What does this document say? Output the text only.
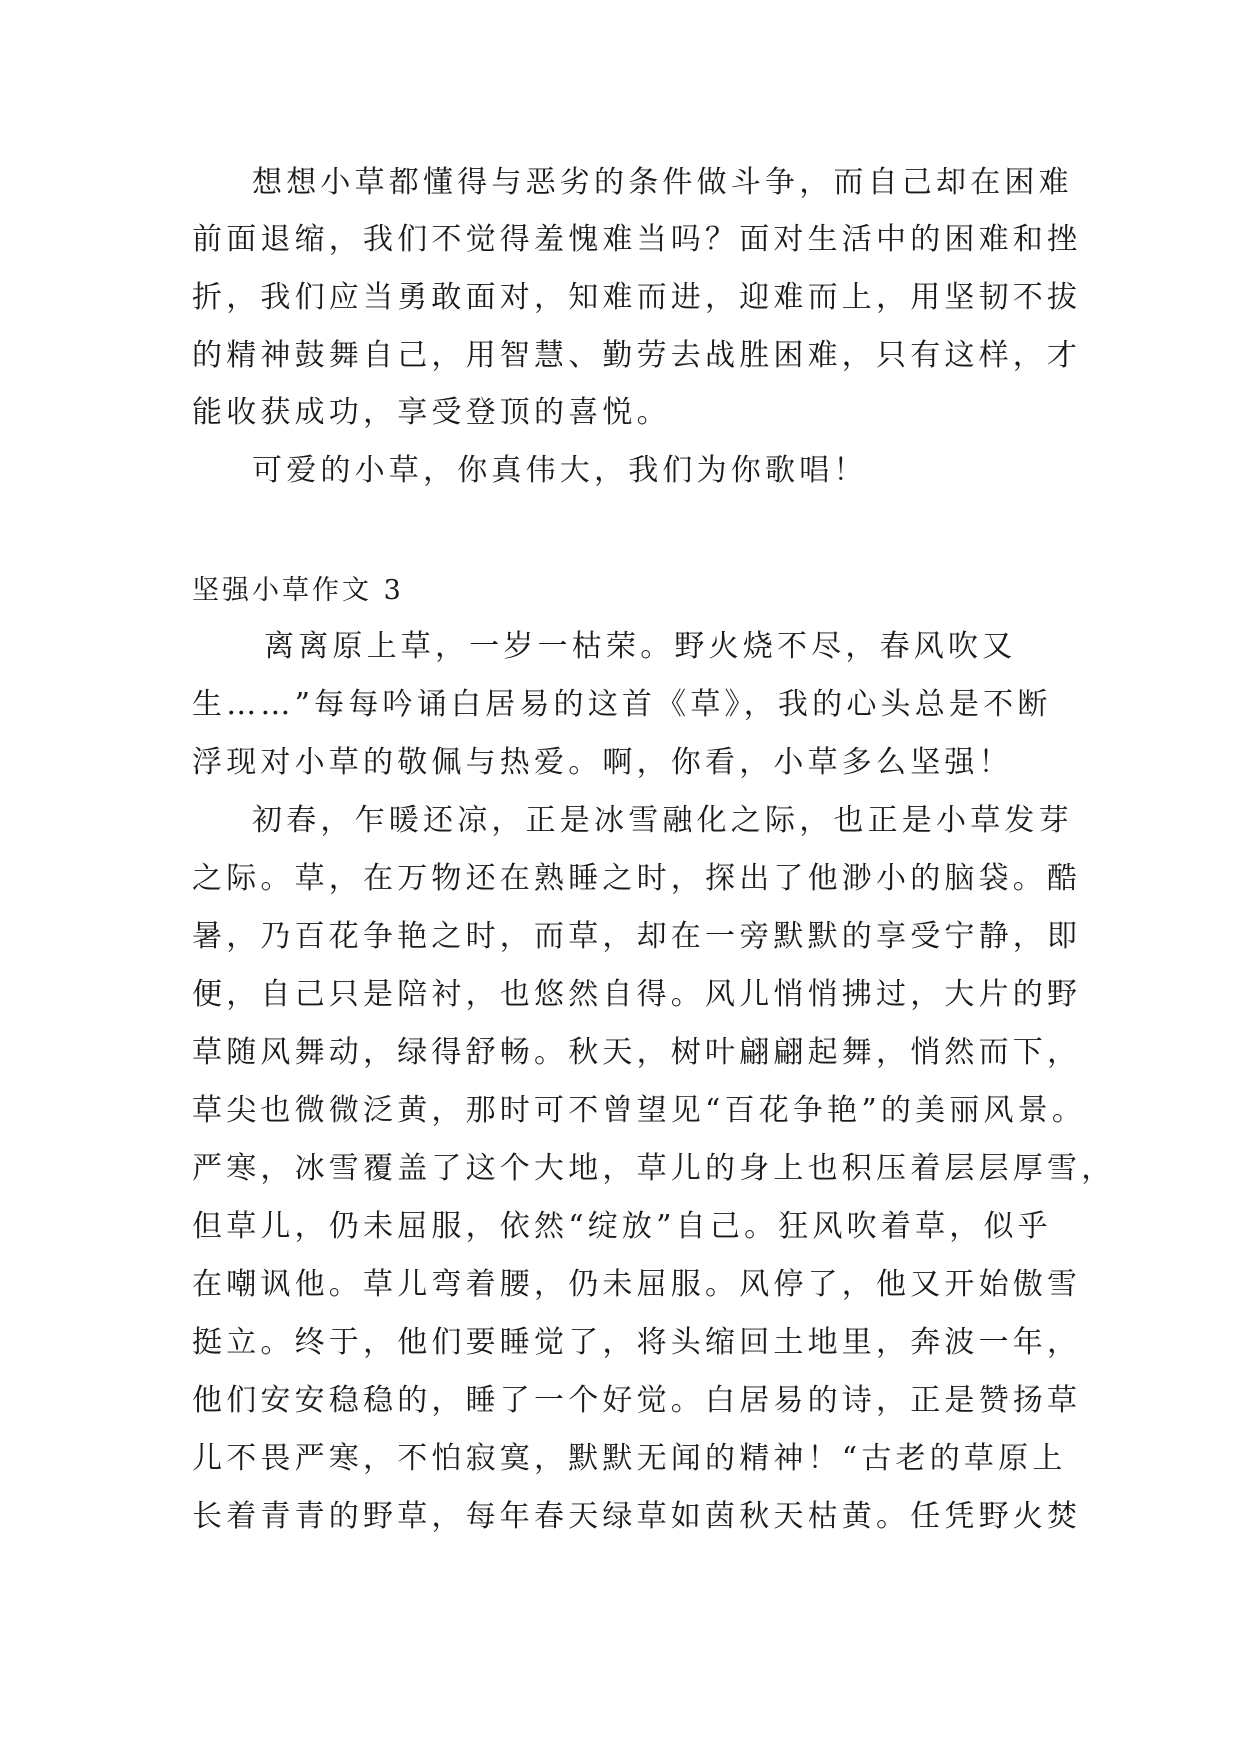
想想小草都懂得与恶劣的条件做斗争，而自己却在困难
前面退缩，我们不觉得羞愧难当吗？面对生活中的困难和挫
折，我们应当勇敢面对，知难而进，迎难而上，用坚韧不拔
的精神鼓舞自己，用智慧、勤劳去战胜困难，只有这样，才
能收获成功，享受登顶的喜悦。
可爱的小草，你真伟大，我们为你歌唱！
坚强小草作文 3
离离原上草，一岁一枯荣。野火烧不尽，春风吹又
生……”每每吟诵白居易的这首《草》，我的心头总是不断
浮现对小草的敬佩与热爱。啊，你看，小草多么坚强！
初春，乍暖还凉，正是冰雪融化之际，也正是小草发芽
之际。草，在万物还在熟睡之时，探出了他渺小的脑袋。酷
暑，乃百花争艳之时，而草，却在一旁默默的享受宁静，即
便，自己只是陪衬，也悠然自得。风儿悄悄拂过，大片的野
草随风舞动，绿得舒畅。秋天，树叶翩翩起舞，悄然而下，
草尖也微微泛黄，那时可不曾望见“百花争艳”的美丽风景。
严寒，冰雪覆盖了这个大地，草儿的身上也积压着层层厚雪，
但草儿，仍未屈服，依然“绽放”自己。狂风吹着草，似乎
在嘲讽他。草儿弯着腰，仍未屈服。风停了，他又开始傲雪
挺立。终于，他们要睡觉了，将头缩回土地里，奔波一年，
他们安安稳稳的，睡了一个好觉。白居易的诗，正是赞扬草
儿不畏严寒，不怕寂寞，默默无闻的精神！“古老的草原上
长着青青的野草，每年春天绿草如茵秋天枯黄。任凭野火焚
